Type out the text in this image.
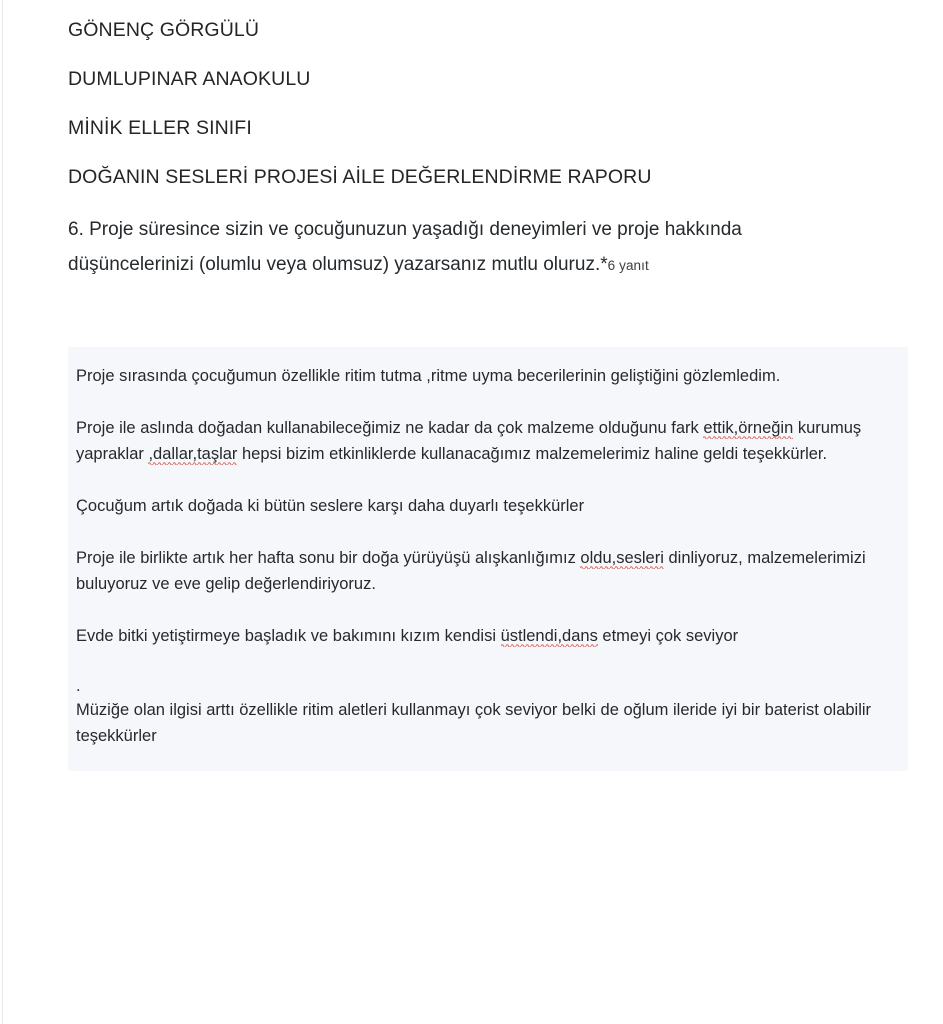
GÖNENÇ GÖRGÜLÜ
DUMLUPINAR ANAOKULU
MİNİK ELLER SINIFI
DOĞANIN SESLERİ PROJESİ AİLE DEĞERLENDİRME RAPORU

6. Proje süresince sizin ve çocuğunuzun yaşadığı deneyimleri ve proje hakkında düşüncelerinizi (olumlu veya olumsuz) yazarsanız mutlu oluruz.*6 yanıt

Proje sırasında çocuğumun özellikle ritim tutma ,ritme uyma becerilerinin geliştiğini gözlemledim.

Proje ile aslında doğadan kullanabileceğimiz ne kadar da çok malzeme olduğunu fark ettik,örneğin kurumuş yapraklar ,dallar,taşlar hepsi bizim etkinliklerde kullanacağımız malzemelerimiz haline geldi teşekkürler.

Çocuğum artık doğada ki bütün seslere karşı daha duyarlı teşekkürler

Proje ile birlikte artık her hafta sonu bir doğa yürüyüşü alışkanlığımız oldu,sesleri dinliyoruz, malzemelerimizi buluyoruz ve eve gelip değerlendiriyoruz.

Evde bitki yetiştirmeye başladık ve bakımını kızım kendisi üstlendi,dans etmeyi çok seviyor

.
Müziğe olan ilgisi arttı özellikle ritim aletleri kullanmayı çok seviyor belki de oğlum ileride iyi bir baterist olabilir teşekkürler
